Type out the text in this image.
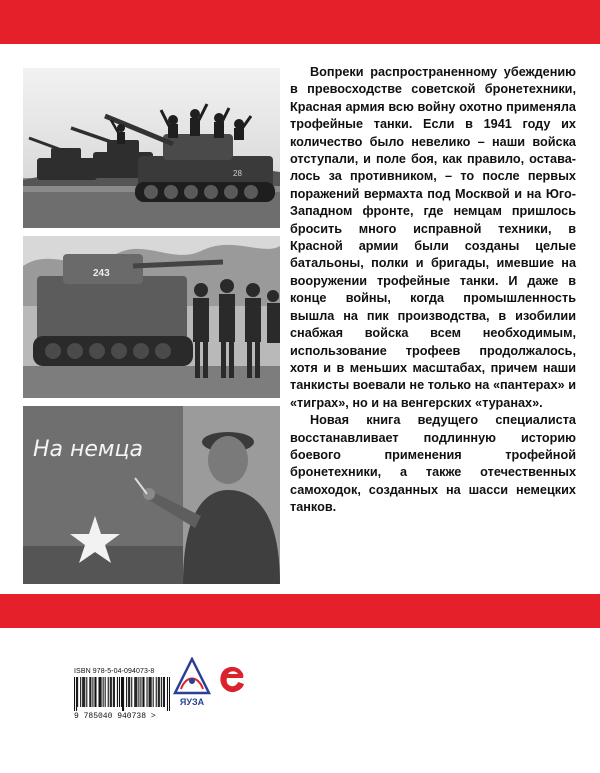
28
243
На немца

Вопреки распространенному убеждению в превосходстве советской бронетехники, Красная армия всю войну охотно применяла трофейные танки. Если в 1941 году их количество было невелико – наши войска отступали, и поле боя, как правило, оставалось за противником, – то после первых поражений вермахта под Москвой и на Юго-Западном фронте, где немцам пришлось бросить много исправной техники, в Красной армии были созданы целые батальоны, полки и бригады, имевшие на вооружении трофейные танки. И даже в конце войны, когда промышленность вышла на пик производства, в изобилии снабжая войска всем необходимым, использование трофеев продолжалось, хотя и в меньших масштабах, причем наши танкисты воевали не только на «пантерах» и «тиграх», но и на венгерских «туранах».

Новая книга ведущего специалиста восстанавливает подлинную историю боевого применения трофейной бронетехники, а также отечественных самоходок, созданных на шасси немецких танков.

ISBN 978-5-04-094073-8
9 785040 940738 >
ЯУЗА
